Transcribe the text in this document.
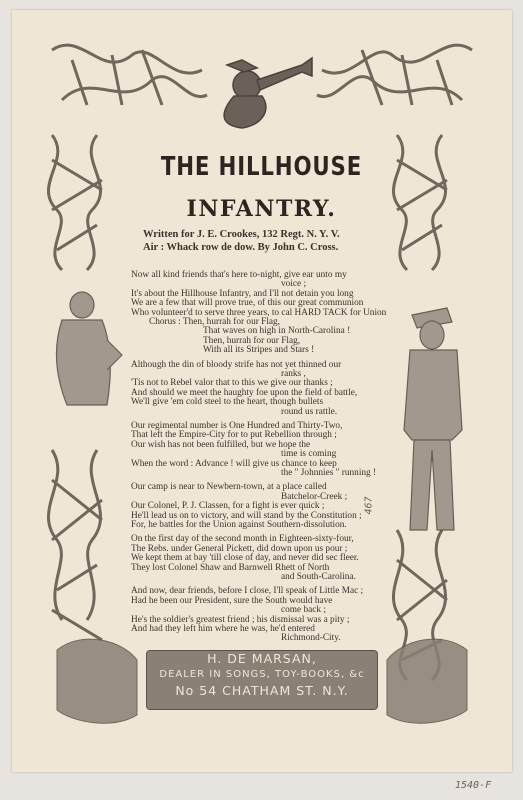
THE HILLHOUSE
INFANTRY.
Written for J. E. Crookes, 132 Regt. N. Y. V.
Air : Whack row de dow. By John C. Cross.
Now all kind friends that's here to-night, give ear unto my
voice ;
It's about the Hillhouse Infantry, and I'll not detain you long
We are a few that will prove true, of this our great communion
Who volunteer'd to serve three years, to cal HARD TACK for Union
Chorus : Then, hurrah for our Flag,
That waves on high in North-Carolina !
Then, hurrah for our Flag,
With all its Stripes and Stars !
Although the din of bloody strife has not yet thinned our
ranks ,
'Tis not to Rebel valor that to this we give our thanks ;
And should we meet the haughty foe upon the field of battle,
We'll give 'em cold steel to the heart, though bullets
round us rattle.
Our regimental number is One Hundred and Thirty-Two,
That left the Empire-City for to put Rebellion through ;
Our wish has not been fulfilled, but we hope the
time is coming
When the word : Advance ! will give us chance to keep
the " Johnnies " running !
Our camp is near to Newbern-town, at a place called
Batchelor-Creek ;
Our Colonel, P. J. Classen, for a fight is ever quick ;
He'll lead us on to victory, and will stand by the Constitution ;
For, he battles for the Union against Southern-dissolution.
On the first day of the second month in Eighteen-sixty-four,
The Rebs. under General Pickett, did down upon us pour ;
We kept them at bay 'till close of day, and never did sec fleer.
They lost Colonel Shaw and Barnwell Rhett of North
and South-Carolina.
And now, dear friends, before I close, I'll speak of Little Mac ;
Had he been our President, sure the South would have
come back ;
He's the soldier's greatest friend ; his dismissal was a pity ;
And had they left him where he was, he'd entered
Richmond-City.
H. DE MARSAN,
DEALER IN SONGS, TOY-BOOKS, &c
No 54 CHATHAM ST. N.Y.
467
1540-F
